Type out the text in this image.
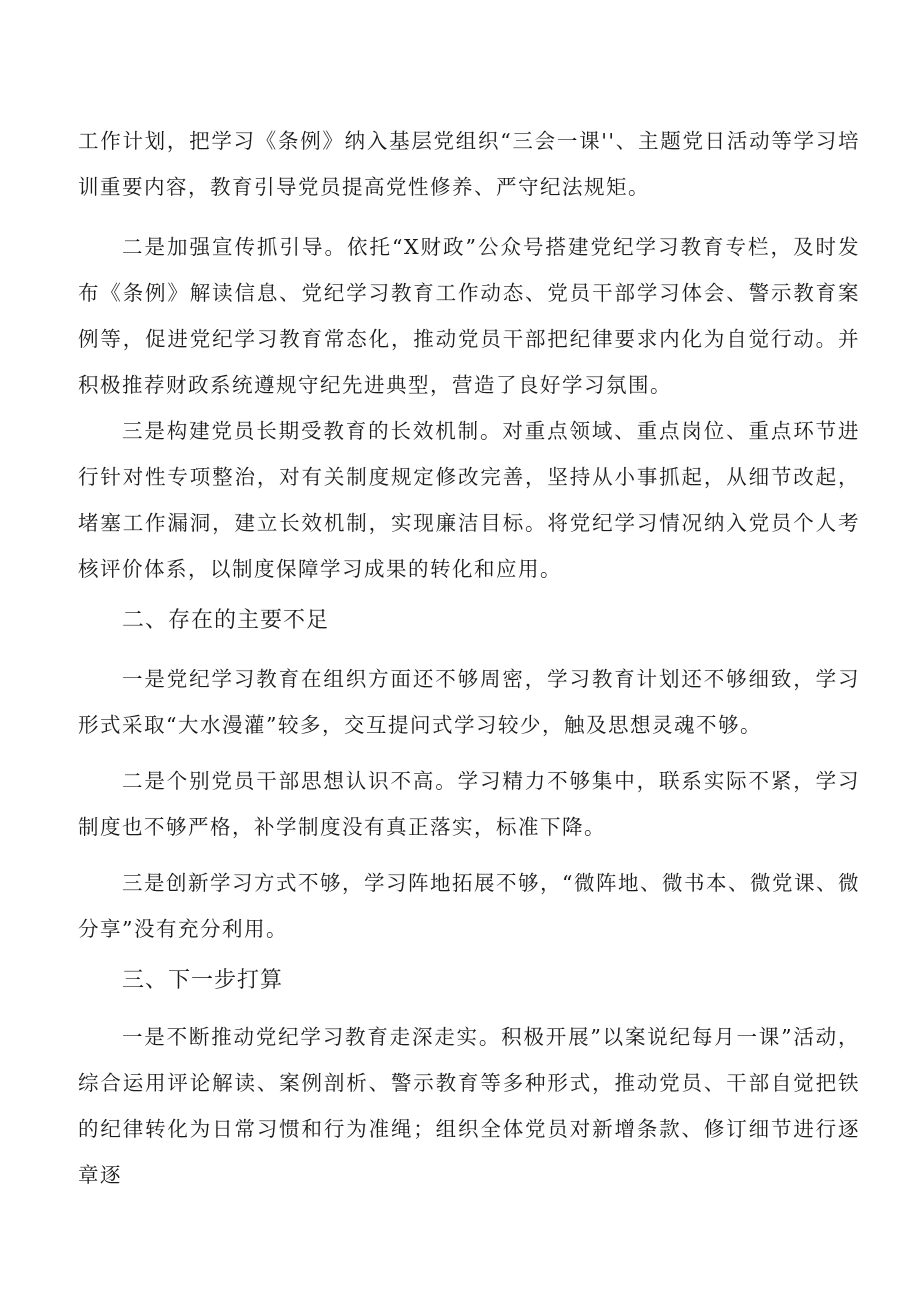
工作计划，把学习《条例》纳入基层党组织“三会一课''、主题党日活动等学习培训重要内容，教育引导党员提高党性修养、严守纪法规矩。

二是加强宣传抓引导。依托“X财政”公众号搭建党纪学习教育专栏，及时发布《条例》解读信息、党纪学习教育工作动态、党员干部学习体会、警示教育案例等，促进党纪学习教育常态化，推动党员干部把纪律要求内化为自觉行动。并积极推荐财政系统遵规守纪先进典型，营造了良好学习氛围。

三是构建党员长期受教育的长效机制。对重点领域、重点岗位、重点环节进行针对性专项整治，对有关制度规定修改完善，坚持从小事抓起，从细节改起，堵塞工作漏洞，建立长效机制，实现廉洁目标。将党纪学习情况纳入党员个人考核评价体系，以制度保障学习成果的转化和应用。

二、存在的主要不足

一是党纪学习教育在组织方面还不够周密，学习教育计划还不够细致，学习形式采取“大水漫灌”较多，交互提问式学习较少，触及思想灵魂不够。

二是个别党员干部思想认识不高。学习精力不够集中，联系实际不紧，学习制度也不够严格，补学制度没有真正落实，标准下降。

三是创新学习方式不够，学习阵地拓展不够，“微阵地、微书本、微党课、微分享”没有充分利用。

三、下一步打算

一是不断推动党纪学习教育走深走实。积极开展”以案说纪每月一课”活动，综合运用评论解读、案例剖析、警示教育等多种形式，推动党员、干部自觉把铁的纪律转化为日常习惯和行为准绳；组织全体党员对新增条款、修订细节进行逐章逐
